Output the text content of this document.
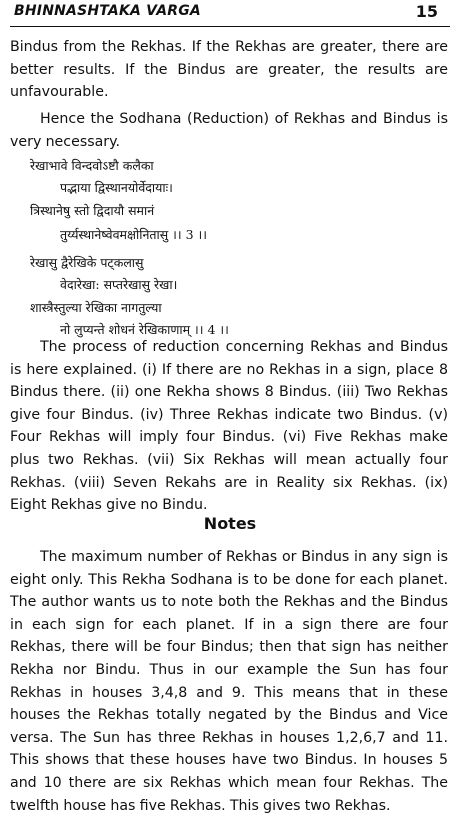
BHINNASHTAKA VARGA	15

Bindus from the Rekhas. If the Rekhas are greater, there are better results. If the Bindus are greater, the results are unfavourable.

Hence the Sodhana (Reduction) of Rekhas and Bindus is very necessary.

रेखाभावे विन्दवोऽष्टौ कलैका
पद्भाया द्विस्थानयोर्वेदायाः।
त्रिस्थानेषु स्तो द्विदायौ समानं
तुर्य्यस्थानेष्वेवमक्षोनितासु ।। 3 ।।
रेखासु द्वैरेखिके पट्कलासु
वेदारेखा: सप्तरेखासु रेखा।
शास्त्रैस्तुल्या रेखिका नागतुल्या
नो लुप्यन्ते शोधनं रेखिकाणाम् ।। 4 ।।

The process of reduction concerning Rekhas and Bindus is here explained. (i) If there are no Rekhas in a sign, place 8 Bindus there. (ii) one Rekha shows 8 Bindus. (iii) Two Rekhas give four Bindus. (iv) Three Rekhas indicate two Bindus. (v) Four Rekhas will imply four Bindus. (vi) Five Rekhas make plus two Rekhas. (vii) Six Rekhas will mean actually four Rekhas. (viii) Seven Rekahs are in Reality six Rekhas. (ix) Eight Rekhas give no Bindu.

Notes

The maximum number of Rekhas or Bindus in any sign is eight only. This Rekha Sodhana is to be done for each planet. The author wants us to note both the Rekhas and the Bindus in each sign for each planet. If in a sign there are four Rekhas, there will be four Bindus; then that sign has neither Rekha nor Bindu. Thus in our example the Sun has four Rekhas in houses 3,4,8 and 9. This means that in these houses the Rekhas totally negated by the Bindus and Vice versa. The Sun has three Rekhas in houses 1,2,6,7 and 11. This shows that these houses have two Bindus. In houses 5 and 10 there are six Rekhas which mean four Rekhas. The twelfth house has five Rekhas. This gives two Rekhas.
